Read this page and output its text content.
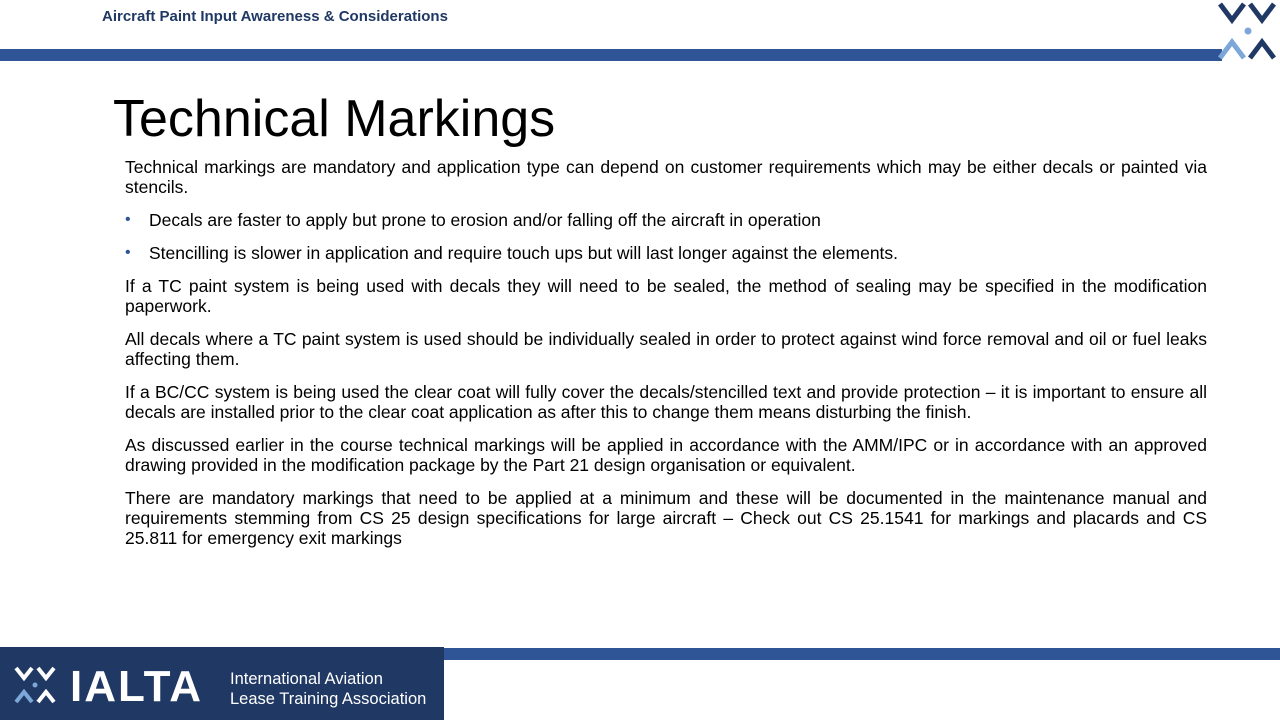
Aircraft Paint Input Awareness & Considerations
Technical Markings

Technical markings are mandatory and application type can depend on customer requirements which may be either decals or painted via stencils.

• Decals are faster to apply but prone to erosion and/or falling off the aircraft in operation
• Stencilling is slower in application and require touch ups but will last longer against the elements.

If a TC paint system is being used with decals they will need to be sealed, the method of sealing may be specified in the modification paperwork.

All decals where a TC paint system is used should be individually sealed in order to protect against wind force removal and oil or fuel leaks affecting them.

If a BC/CC system is being used the clear coat will fully cover the decals/stencilled text and provide protection – it is important to ensure all decals are installed prior to the clear coat application as after this to change them means disturbing the finish.

As discussed earlier in the course technical markings will be applied in accordance with the AMM/IPC or in accordance with an approved drawing provided in the modification package by the Part 21 design organisation or equivalent.

There are mandatory markings that need to be applied at a minimum and these will be documented in the maintenance manual and requirements stemming from CS 25 design specifications for large aircraft – Check out CS 25.1541 for markings and placards and CS 25.811 for emergency exit markings

IALTA International Aviation
Lease Training Association
